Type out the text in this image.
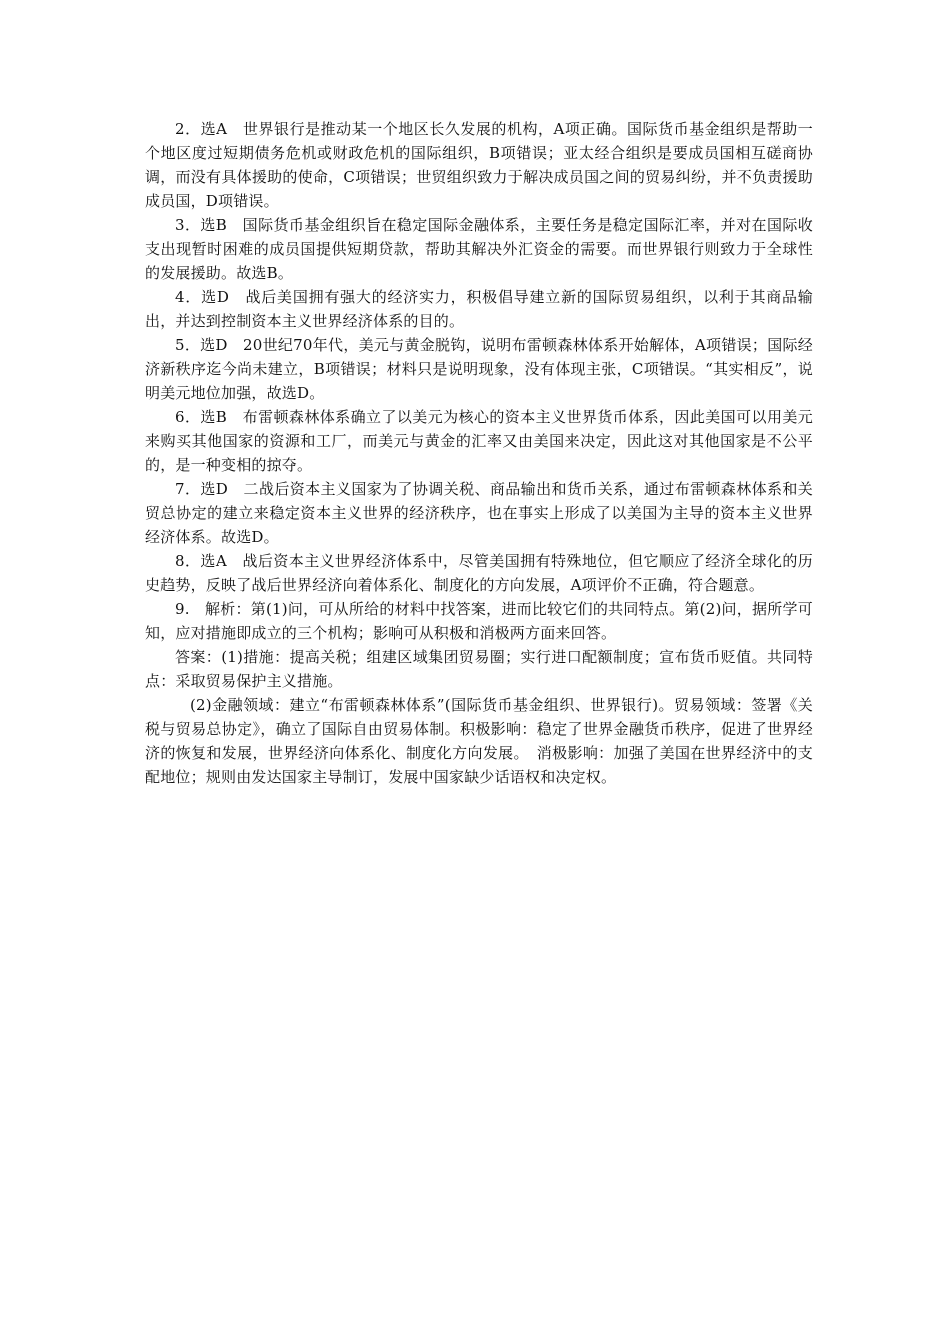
2．选A　世界银行是推动某一个地区长久发展的机构，A项正确。国际货币基金组织是帮助一个地区度过短期债务危机或财政危机的国际组织，B项错误；亚太经合组织是要成员国相互磋商协调，而没有具体援助的使命，C项错误；世贸组织致力于解决成员国之间的贸易纠纷，并不负责援助成员国，D项错误。

3．选B　国际货币基金组织旨在稳定国际金融体系，主要任务是稳定国际汇率，并对在国际收支出现暂时困难的成员国提供短期贷款，帮助其解决外汇资金的需要。而世界银行则致力于全球性的发展援助。故选B。

4．选D　战后美国拥有强大的经济实力，积极倡导建立新的国际贸易组织，以利于其商品输出，并达到控制资本主义世界经济体系的目的。

5．选D　20世纪70年代，美元与黄金脱钩，说明布雷顿森林体系开始解体，A项错误；国际经济新秩序迄今尚未建立，B项错误；材料只是说明现象，没有体现主张，C项错误。“其实相反”，说明美元地位加强，故选D。

6．选B　布雷顿森林体系确立了以美元为核心的资本主义世界货币体系，因此美国可以用美元来购买其他国家的资源和工厂，而美元与黄金的汇率又由美国来决定，因此这对其他国家是不公平的，是一种变相的掠夺。

7．选D　二战后资本主义国家为了协调关税、商品输出和货币关系，通过布雷顿森林体系和关贸总协定的建立来稳定资本主义世界的经济秩序，也在事实上形成了以美国为主导的资本主义世界经济体系。故选D。

8．选A　战后资本主义世界经济体系中，尽管美国拥有特殊地位，但它顺应了经济全球化的历史趋势，反映了战后世界经济向着体系化、制度化的方向发展，A项评价不正确，符合题意。

9.　解析：第(1)问，可从所给的材料中找答案，进而比较它们的共同特点。第(2)问，据所学可知，应对措施即成立的三个机构；影响可从积极和消极两方面来回答。

答案：(1)措施：提高关税；组建区域集团贸易圈；实行进口配额制度；宣布货币贬值。共同特点：采取贸易保护主义措施。

(2)金融领域：建立“布雷顿森林体系”(国际货币基金组织、世界银行)。贸易领域：签署《关税与贸易总协定》，确立了国际自由贸易体制。积极影响：稳定了世界金融货币秩序，促进了世界经济的恢复和发展，世界经济向体系化、制度化方向发展。　消极影响：加强了美国在世界经济中的支配地位；规则由发达国家主导制订，发展中国家缺少话语权和决定权。
